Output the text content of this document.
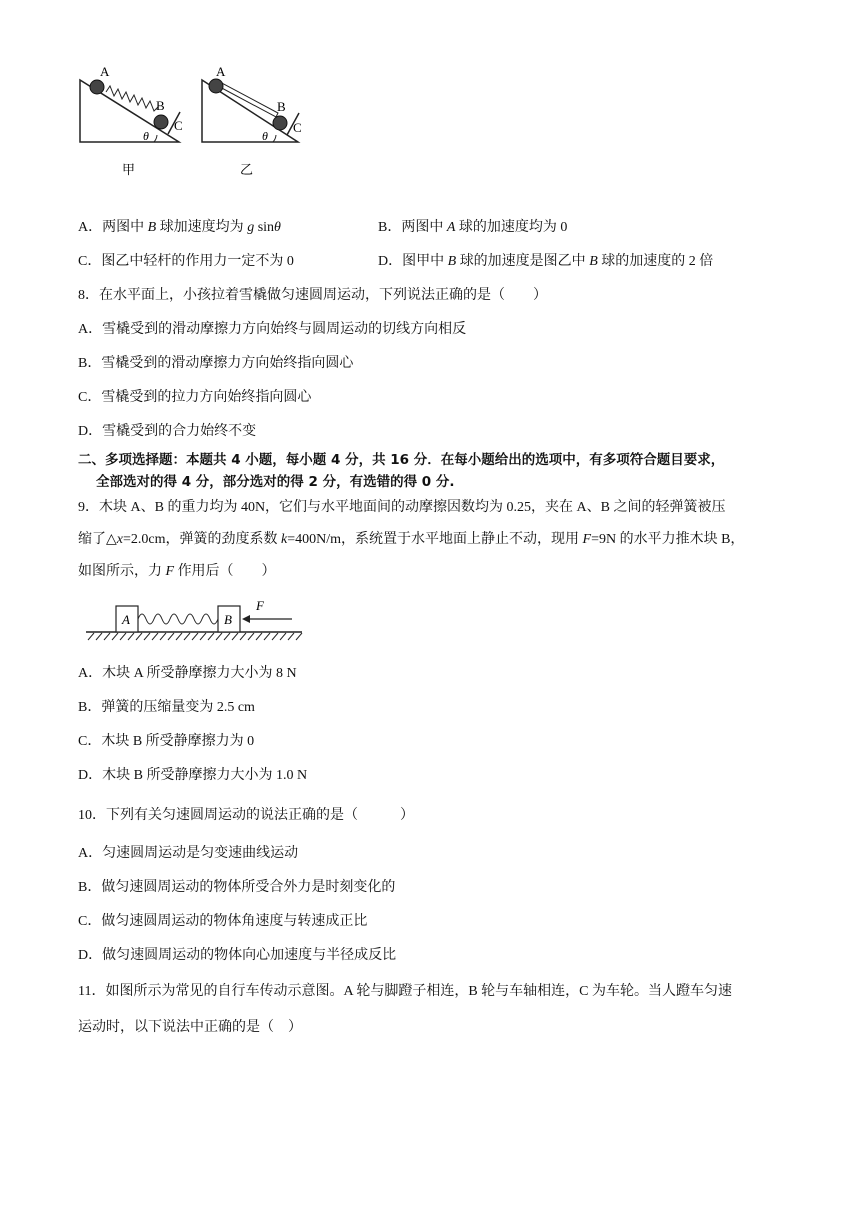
A
B
C
θ
甲
A
B
C
θ
乙
A．两图中 B 球加速度均为 g sinθ	B．两图中 A 球的加速度均为 0
C．图乙中轻杆的作用力一定不为 0	D．图甲中 B 球的加速度是图乙中 B 球的加速度的 2 倍
8．在水平面上，小孩拉着雪橇做匀速圆周运动，下列说法正确的是（　　）
A．雪橇受到的滑动摩擦力方向始终与圆周运动的切线方向相反
B．雪橇受到的滑动摩擦力方向始终指向圆心
C．雪橇受到的拉力方向始终指向圆心
D．雪橇受到的合力始终不变
二、多项选择题：本题共 4 小题，每小题 4 分，共 16 分．在每小题给出的选项中，有多项符合题目要求，
全部选对的得 4 分，部分选对的得 2 分，有选错的得 0 分.
9．木块 A、B 的重力均为 40N，它们与水平地面间的动摩擦因数均为 0.25，夹在 A、B 之间的轻弹簧被压
缩了△x=2.0cm，弹簧的劲度系数 k=400N/m，系统置于水平地面上静止不动，现用 F=9N 的水平力推木块 B，
如图所示，力 F 作用后（　　）
A	B
F
A．木块 A 所受静摩擦力大小为 8 N
B．弹簧的压缩量变为 2.5 cm
C．木块 B 所受静摩擦力为 0
D．木块 B 所受静摩擦力大小为 1.0 N
10．下列有关匀速圆周运动的说法正确的是（　　　）
A．匀速圆周运动是匀变速曲线运动
B．做匀速圆周运动的物体所受合外力是时刻变化的
C．做匀速圆周运动的物体角速度与转速成正比
D．做匀速圆周运动的物体向心加速度与半径成反比
11．如图所示为常见的自行车传动示意图。A 轮与脚蹬子相连，B 轮与车轴相连，C 为车轮。当人蹬车匀速
运动时，以下说法中正确的是（　）
